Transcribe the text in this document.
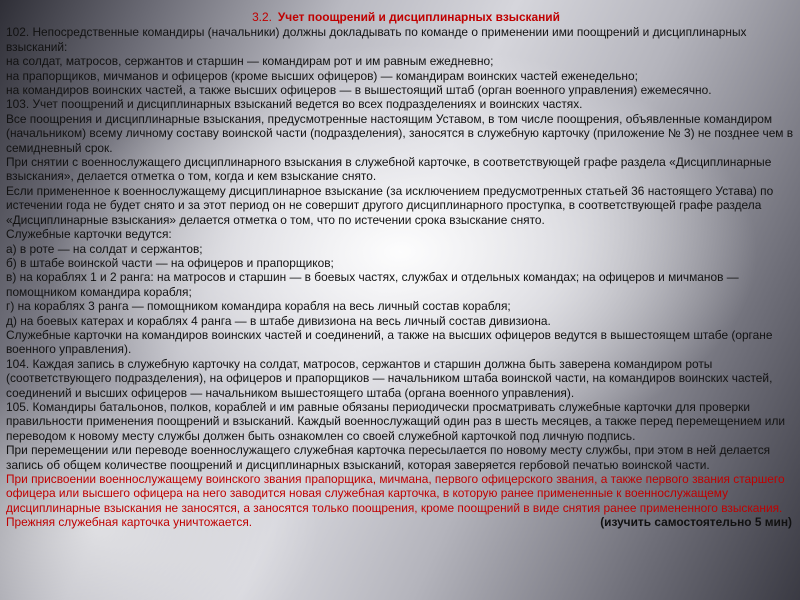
3.2. Учет поощрений и дисциплинарных взысканий

102. Непосредственные командиры (начальники) должны докладывать по команде о применении ими поощрений и дисциплинарных взысканий:

на солдат, матросов, сержантов и старшин — командирам рот и им равным ежедневно;

на прапорщиков, мичманов и офицеров (кроме высших офицеров) — командирам воинских частей еженедельно;

на командиров воинских частей, а также высших офицеров — в вышестоящий штаб (орган военного управления) ежемесячно.

103. Учет поощрений и дисциплинарных взысканий ведется во всех подразделениях и воинских частях.

Все поощрения и дисциплинарные взыскания, предусмотренные настоящим Уставом, в том числе поощрения, объявленные командиром (начальником) всему личному составу воинской части (подразделения), заносятся в служебную карточку (приложение № 3) не позднее чем в семидневный срок.

При снятии с военнослужащего дисциплинарного взыскания в служебной карточке, в соответствующей графе раздела «Дисциплинарные взыскания», делается отметка о том, когда и кем взыскание снято.

Если примененное к военнослужащему дисциплинарное взыскание (за исключением предусмотренных статьей 36 настоящего Устава) по истечении года не будет снято и за этот период он не совершит другого дисциплинарного проступка, в соответствующей графе раздела «Дисциплинарные взыскания» делается отметка о том, что по истечении срока взыскание снято.

Служебные карточки ведутся:

а) в роте — на солдат и сержантов;

б) в штабе воинской части — на офицеров и прапорщиков;

в) на кораблях 1 и 2 ранга: на матросов и старшин — в боевых частях, службах и отдельных командах; на офицеров и мичманов — помощником командира корабля;

г) на кораблях 3 ранга — помощником командира корабля на весь личный состав корабля;

д) на боевых катерах и кораблях 4 ранга — в штабе дивизиона на весь личный состав дивизиона.

Служебные карточки на командиров воинских частей и соединений, а также на высших офицеров ведутся в вышестоящем штабе (органе военного управления).

104. Каждая запись в служебную карточку на солдат, матросов, сержантов и старшин должна быть заверена командиром роты (соответствующего подразделения), на офицеров и прапорщиков — начальником штаба воинской части, на командиров воинских частей, соединений и высших офицеров — начальником вышестоящего штаба (органа военного управления).

105. Командиры батальонов, полков, кораблей и им равные обязаны периодически просматривать служебные карточки для проверки правильности применения поощрений и взысканий. Каждый военнослужащий один раз в шесть месяцев, а также перед перемещением или переводом к новому месту службы должен быть ознакомлен со своей служебной карточкой под личную подпись.

При перемещении или переводе военнослужащего служебная карточка пересылается по новому месту службы, при этом в ней делается запись об общем количестве поощрений и дисциплинарных взысканий, которая заверяется гербовой печатью воинской части.

При присвоении военнослужащему воинского звания прапорщика, мичмана, первого офицерского звания, а также первого звания старшего офицера или высшего офицера на него заводится новая служебная карточка, в которую ранее примененные к военнослужащему дисциплинарные взыскания не заносятся, а заносятся только поощрения, кроме поощрений в виде снятия ранее примененного взыскания. Прежняя служебная карточка уничтожается.	(изучить самостоятельно 5 мин)
